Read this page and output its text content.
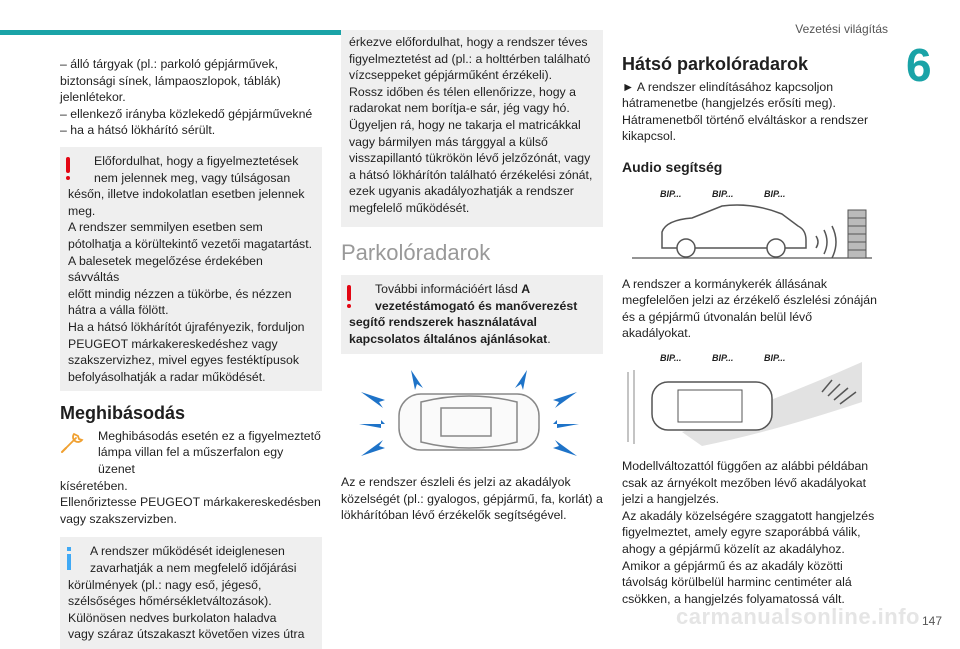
Vezetési világítás
6

– álló tárgyak (pl.: parkoló gépjárművek,

biztonsági sínek, lámpaoszlopok, táblák)

jelenlétekor.

– ellenkező irányba közlekedő gépjárművekné

– ha a hátsó lökhárító sérült.

Előfordulhat, hogy a figyelmeztetések

nem jelennek meg, vagy túlságosan

későn, illetve indokolatlan esetben jelennek

meg.

A rendszer semmilyen esetben sem

pótolhatja a körültekintő vezetői magatartást.

A balesetek megelőzése érdekében sávváltás

előtt mindig nézzen a tükörbe, és nézzen

hátra a válla fölött.

Ha a hátsó lökhárítót újrafényezik, forduljon

PEUGEOT márkakereskedéshez vagy

szakszervizhez, mivel egyes festéktípusok

befolyásolhatják a radar működését.

Meghibásodás

Meghibásodás esetén ez a figyelmeztető

lámpa villan fel a műszerfalon egy üzenet

kíséretében.

Ellenőriztesse PEUGEOT márkakereskedésben

vagy szakszervizben.

A rendszer működését ideiglenesen

zavarhatják a nem megfelelő időjárási

körülmények (pl.: nagy eső, jégeső,

szélsőséges hőmérsékletváltozások).

Különösen nedves burkolaton haladva

vagy száraz útszakaszt követően vizes útra

érkezve előfordulhat, hogy a rendszer téves

figyelmeztetést ad (pl.: a holttérben található

vízcseppeket gépjárműként érzékeli).

Rossz időben és télen ellenőrizze, hogy a

radarokat nem borítja-e sár, jég vagy hó.

Ügyeljen rá, hogy ne takarja el matricákkal

vagy bármilyen más tárggyal a külső

visszapillantó tükrökön lévő jelzőzónát, vagy

a hátsó lökhárítón található érzékelési zónát,

ezek ugyanis akadályozhatják a rendszer

megfelelő működését.

Parkolóradarok

További információért lásd A

vezetéstámogató és manőverezést

segítő rendszerek használatával

kapcsolatos általános ajánlásokat.

Az e rendszer észleli és jelzi az akadályok

közelségét (pl.: gyalogos, gépjármű, fa, korlát) a

lökhárítóban lévő érzékelők segítségével.

Hátsó parkolóradarok

► A rendszer elindításához kapcsoljon

hátramenetbe (hangjelzés erősíti meg).

Hátramenetből történő elváltáskor a rendszer

kikapcsol.

Audio segítség

BIP...	BIP...	BIP...

A rendszer a kormánykerék állásának

megfelelően jelzi az érzékelő észlelési zónáján

és a gépjármű útvonalán belül lévő akadályokat.

BIP...	BIP...	BIP...

Modellváltozattól függően az alábbi példában

csak az árnyékolt mezőben lévő akadályokat

jelzi a hangjelzés.

Az akadály közelségére szaggatott hangjelzés

figyelmeztet, amely egyre szaporábbá válik,

ahogy a gépjármű közelít az akadályhoz.

Amikor a gépjármű és az akadály közötti

távolság körülbelül harminc centiméter alá

csökken, a hangjelzés folyamatossá vált.

carmanualsonline.info 147
